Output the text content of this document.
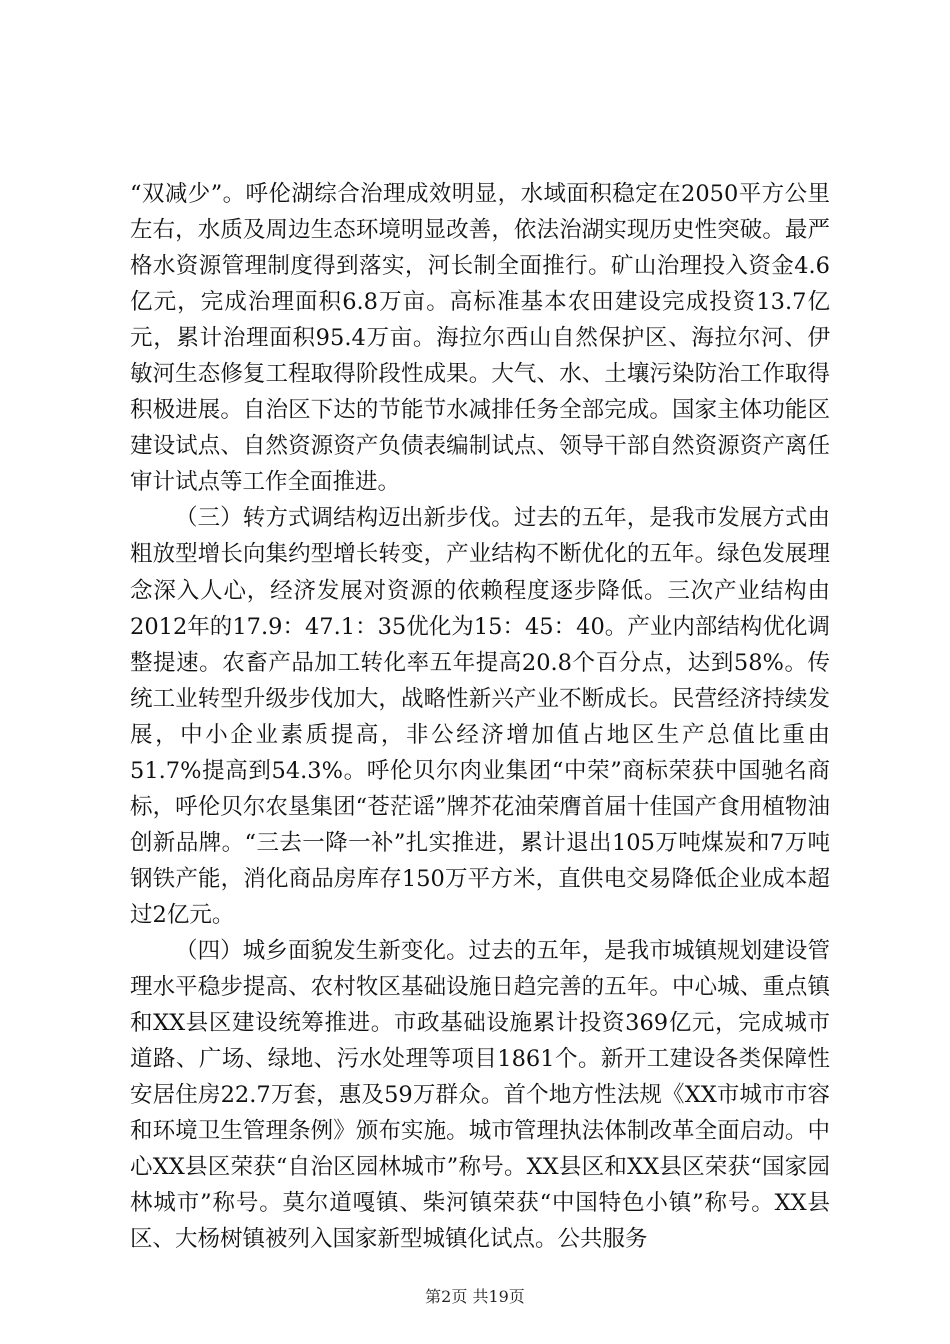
“双减少”。呼伦湖综合治理成效明显，水域面积稳定在2050平方公里左右，水质及周边生态环境明显改善，依法治湖实现历史性突破。最严格水资源管理制度得到落实，河长制全面推行。矿山治理投入资金4.6亿元，完成治理面积6.8万亩。高标准基本农田建设完成投资13.7亿元，累计治理面积95.4万亩。海拉尔西山自然保护区、海拉尔河、伊敏河生态修复工程取得阶段性成果。大气、水、土壤污染防治工作取得积极进展。自治区下达的节能节水减排任务全部完成。国家主体功能区建设试点、自然资源资产负债表编制试点、领导干部自然资源资产离任审计试点等工作全面推进。

（三）转方式调结构迈出新步伐。过去的五年，是我市发展方式由粗放型增长向集约型增长转变，产业结构不断优化的五年。绿色发展理念深入人心，经济发展对资源的依赖程度逐步降低。三次产业结构由2012年的17.9：47.1：35优化为15：45：40。产业内部结构优化调整提速。农畜产品加工转化率五年提高20.8个百分点，达到58%。传统工业转型升级步伐加大，战略性新兴产业不断成长。民营经济持续发展，中小企业素质提高，非公经济增加值占地区生产总值比重由51.7%提高到54.3%。呼伦贝尔肉业集团“中荣”商标荣获中国驰名商标，呼伦贝尔农垦集团“苍茫谣”牌芥花油荣膺首届十佳国产食用植物油创新品牌。“三去一降一补”扎实推进，累计退出105万吨煤炭和7万吨钢铁产能，消化商品房库存150万平方米，直供电交易降低企业成本超过2亿元。

（四）城乡面貌发生新变化。过去的五年，是我市城镇规划建设管理水平稳步提高、农村牧区基础设施日趋完善的五年。中心城、重点镇和XX县区建设统筹推进。市政基础设施累计投资369亿元，完成城市道路、广场、绿地、污水处理等项目1861个。新开工建设各类保障性安居住房22.7万套，惠及59万群众。首个地方性法规《XX市城市市容和环境卫生管理条例》颁布实施。城市管理执法体制改革全面启动。中心XX县区荣获“自治区园林城市”称号。XX县区和XX县区荣获“国家园林城市”称号。莫尔道嘎镇、柴河镇荣获“中国特色小镇”称号。XX县区、大杨树镇被列入国家新型城镇化试点。公共服务

第2页 共19页
